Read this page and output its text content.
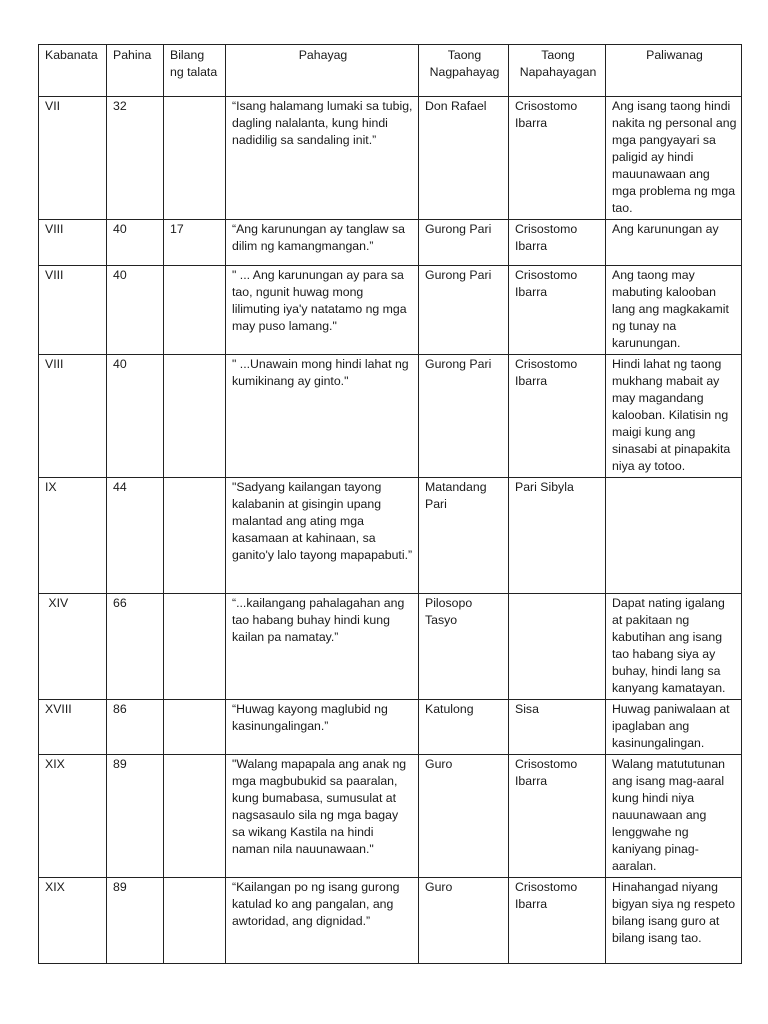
Kabanata	Pahina	Bilang ng talata	Pahayag	Taong Nagpahayag	Taong Napahayagan	Paliwanag
VII	32		“Isang halamang lumaki sa tubig, dagling nalalanta, kung hindi nadidilig sa sandaling init.”	Don Rafael	Crisostomo Ibarra	Ang isang taong hindi nakita ng personal ang mga pangyayari sa paligid ay hindi mauunawaan ang mga problema ng mga tao.
VIII	40	17	“Ang karunungan ay tanglaw sa dilim ng kamangmangan.”	Gurong Pari	Crisostomo Ibarra	Ang karunungan ay
VIII	40		" ... Ang karunungan ay para sa tao, ngunit huwag mong lilimuting iya'y natatamo ng mga may puso lamang."	Gurong Pari	Crisostomo Ibarra	Ang taong may mabuting kalooban lang ang magkakamit ng tunay na karunungan.
VIII	40		" ...Unawain mong hindi lahat ng kumikinang ay ginto."	Gurong Pari	Crisostomo Ibarra	Hindi lahat ng taong mukhang mabait ay may magandang kalooban. Kilatisin ng maigi kung ang sinasabi at pinapakita niya ay totoo.
IX	44		"Sadyang kailangan tayong kalabanin at gisingin upang malantad ang ating mga kasamaan at kahinaan, sa ganito'y lalo tayong mapapabuti.”	Matandang Pari	Pari Sibyla	
XIV	66		“...kailangang pahalagahan ang tao habang buhay hindi kung kailan pa namatay.”	Pilosopo Tasyo		Dapat nating igalang at pakitaan ng kabutihan ang isang tao habang siya ay buhay, hindi lang sa kanyang kamatayan.
XVIII	86		“Huwag kayong maglubid ng kasinungalingan.”	Katulong	Sisa	Huwag paniwalaan at ipaglaban ang kasinungalingan.
XIX	89		"Walang mapapala ang anak ng mga magbubukid sa paaralan, kung bumabasa, sumusulat at nagsasaulo sila ng mga bagay sa wikang Kastila na hindi naman nila nauunawaan."	Guro	Crisostomo Ibarra	Walang matututunan ang isang mag-aaral kung hindi niya nauunawaan ang lenggwahe ng kaniyang pinag-aaralan.
XIX	89		“Kailangan po ng isang gurong katulad ko ang pangalan, ang awtoridad, ang dignidad.”	Guro	Crisostomo Ibarra	Hinahangad niyang bigyan siya ng respeto bilang isang guro at bilang isang tao.
